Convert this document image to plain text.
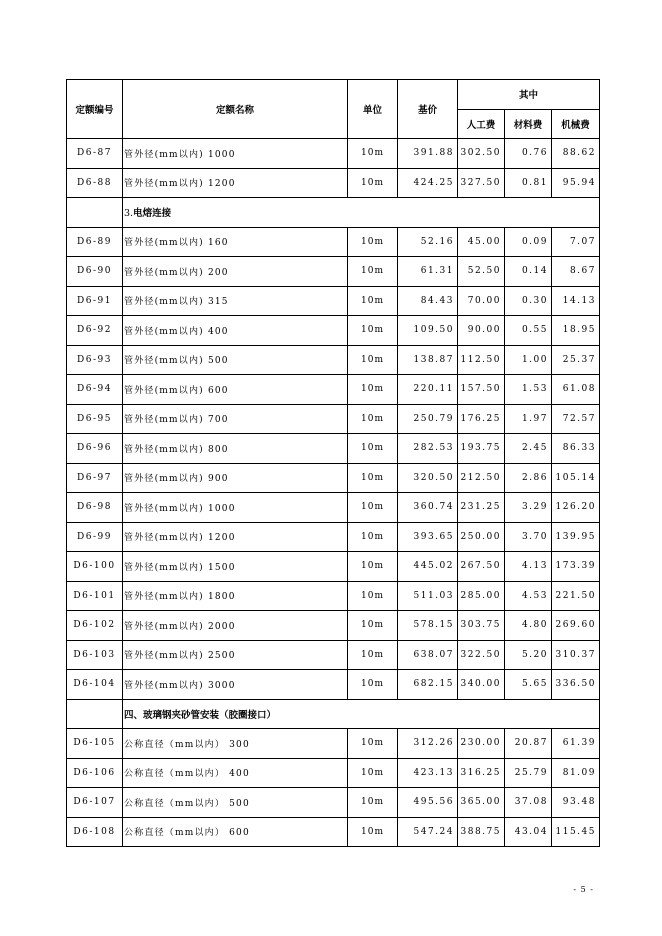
定额编号	定额名称	单位	基价	其中		
				人工费	材料费	机械费
D6-87	管外径(mm以内) 1000	10m	391.88	302.50	0.76	88.62
D6-88	管外径(mm以内) 1200	10m	424.25	327.50	0.81	95.94
	3.电熔连接					
D6-89	管外径(mm以内) 160	10m	52.16	45.00	0.09	7.07
D6-90	管外径(mm以内) 200	10m	61.31	52.50	0.14	8.67
D6-91	管外径(mm以内) 315	10m	84.43	70.00	0.30	14.13
D6-92	管外径(mm以内) 400	10m	109.50	90.00	0.55	18.95
D6-93	管外径(mm以内) 500	10m	138.87	112.50	1.00	25.37
D6-94	管外径(mm以内) 600	10m	220.11	157.50	1.53	61.08
D6-95	管外径(mm以内) 700	10m	250.79	176.25	1.97	72.57
D6-96	管外径(mm以内) 800	10m	282.53	193.75	2.45	86.33
D6-97	管外径(mm以内) 900	10m	320.50	212.50	2.86	105.14
D6-98	管外径(mm以内) 1000	10m	360.74	231.25	3.29	126.20
D6-99	管外径(mm以内) 1200	10m	393.65	250.00	3.70	139.95
D6-100	管外径(mm以内) 1500	10m	445.02	267.50	4.13	173.39
D6-101	管外径(mm以内) 1800	10m	511.03	285.00	4.53	221.50
D6-102	管外径(mm以内) 2000	10m	578.15	303.75	4.80	269.60
D6-103	管外径(mm以内) 2500	10m	638.07	322.50	5.20	310.37
D6-104	管外径(mm以内) 3000	10m	682.15	340.00	5.65	336.50
	四、玻璃钢夹砂管安装（胶圈接口）					
D6-105	公称直径（mm以内） 300	10m	312.26	230.00	20.87	61.39
D6-106	公称直径（mm以内） 400	10m	423.13	316.25	25.79	81.09
D6-107	公称直径（mm以内） 500	10m	495.56	365.00	37.08	93.48
D6-108	公称直径（mm以内） 600	10m	547.24	388.75	43.04	115.45
- 5 -
